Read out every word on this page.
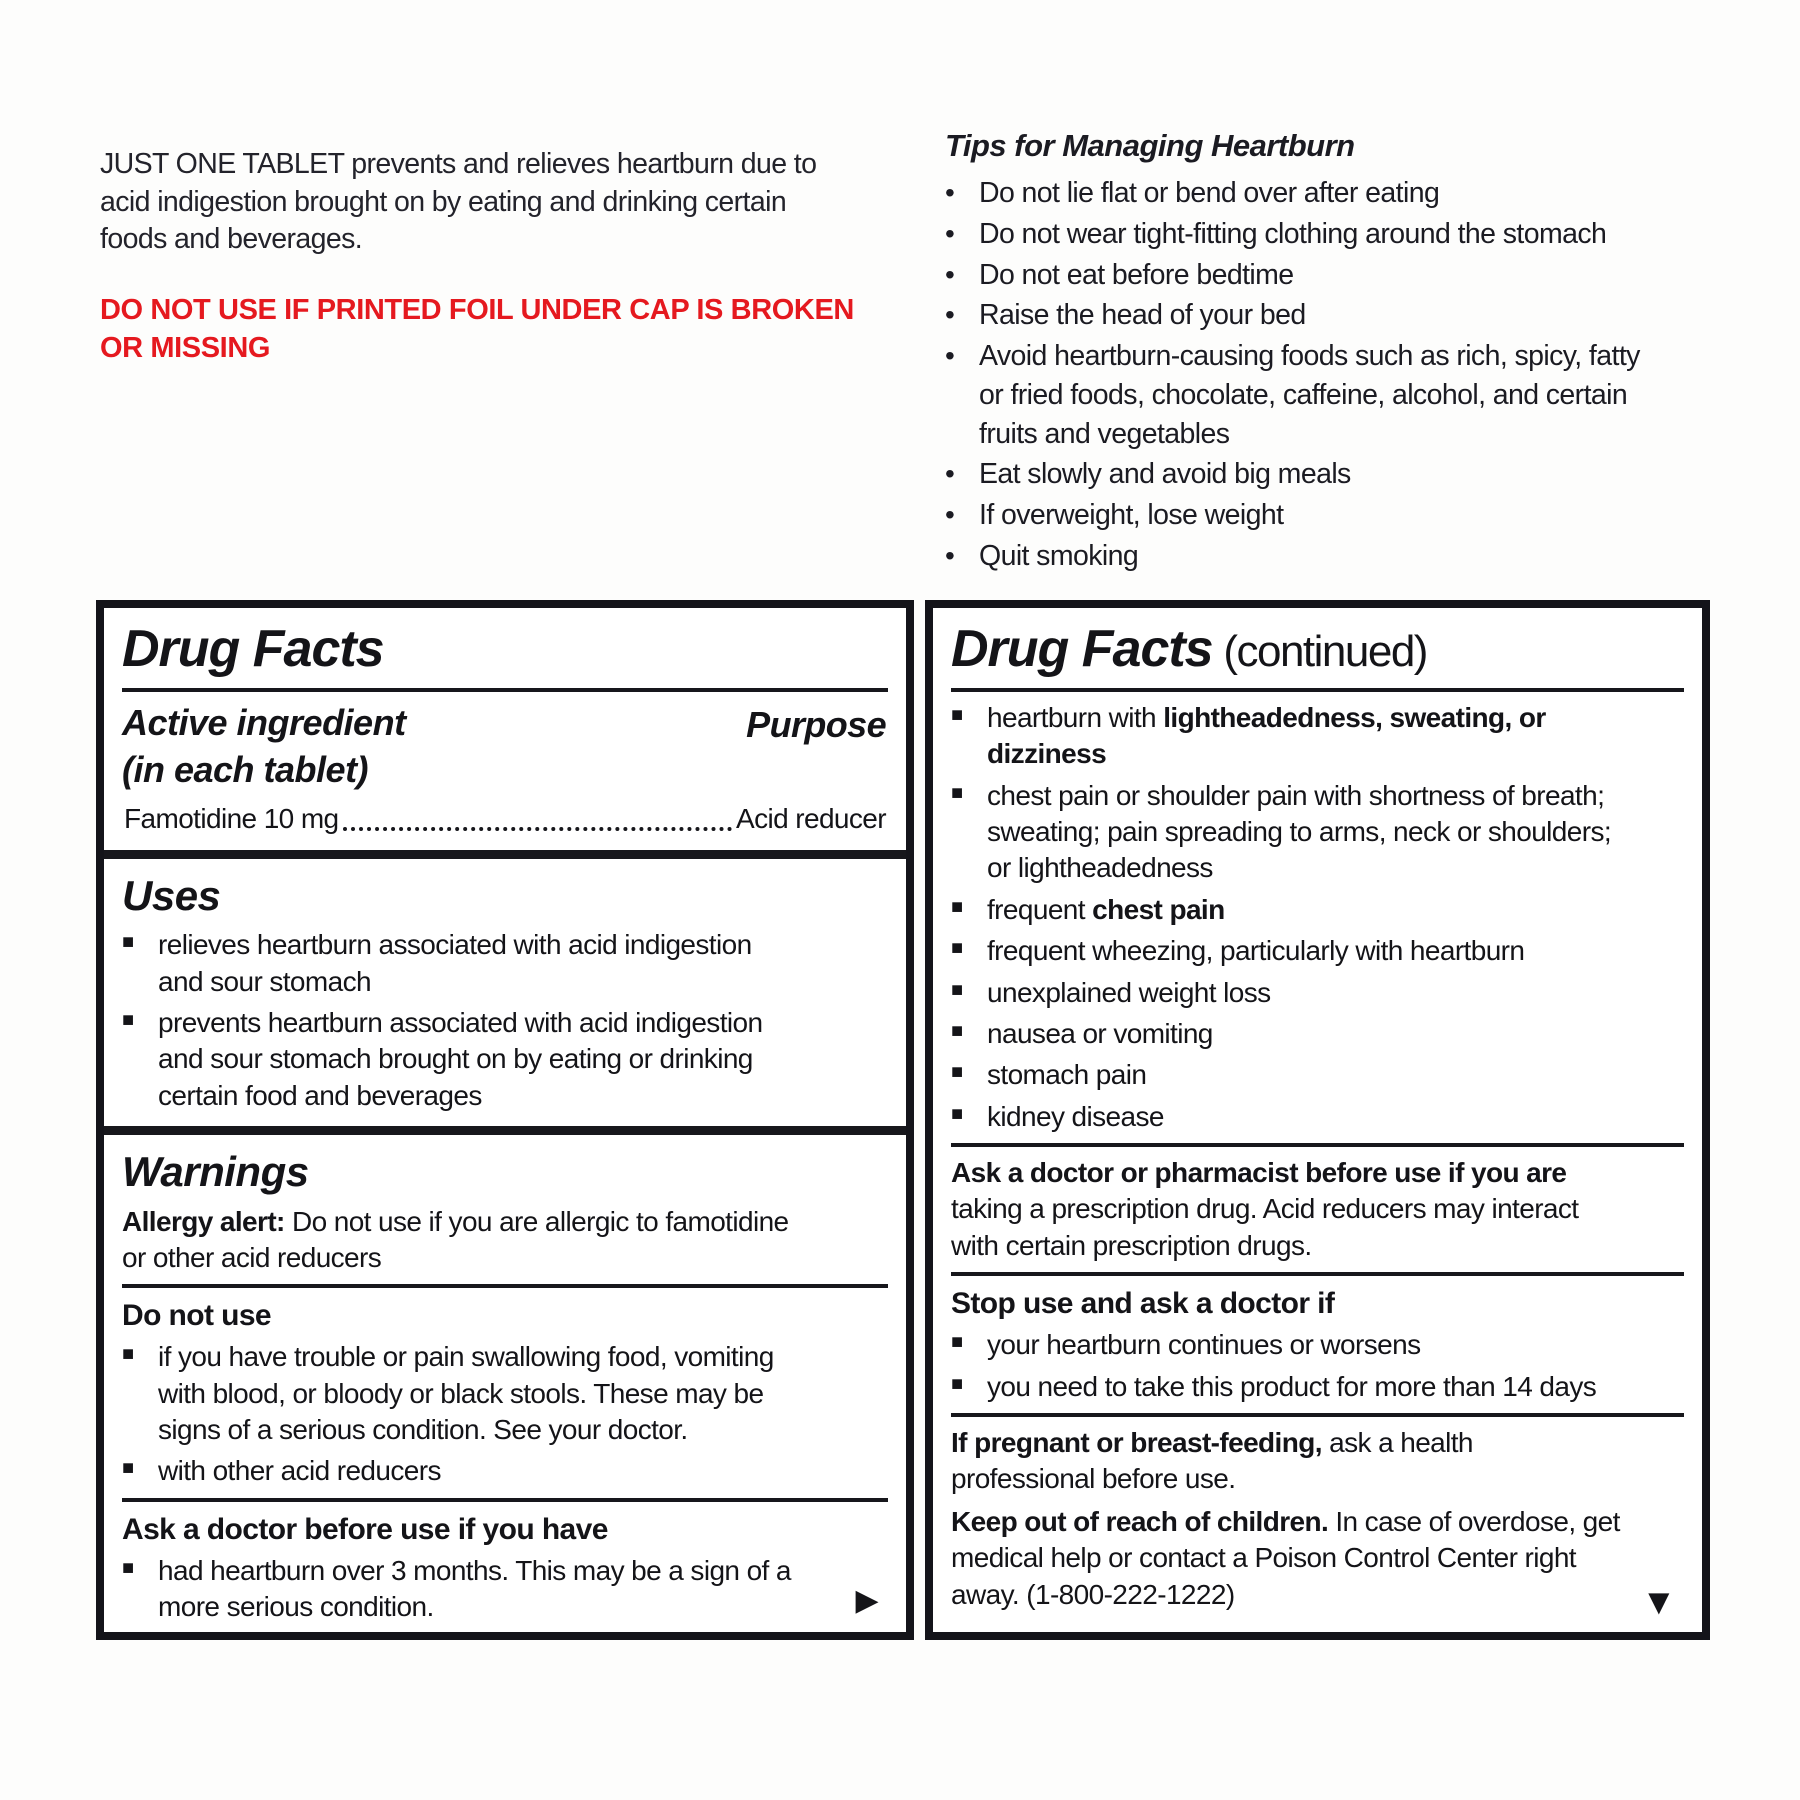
JUST ONE TABLET prevents and relieves heartburn due to
acid indigestion brought on by eating and drinking certain
foods and beverages.

DO NOT USE IF PRINTED FOIL UNDER CAP IS BROKEN
OR MISSING

Tips for Managing Heartburn
• Do not lie flat or bend over after eating
• Do not wear tight-fitting clothing around the stomach
• Do not eat before bedtime
• Raise the head of your bed
• Avoid heartburn-causing foods such as rich, spicy, fatty
or fried foods, chocolate, caffeine, alcohol, and certain
fruits and vegetables
• Eat slowly and avoid big meals
• If overweight, lose weight
• Quit smoking
Drug Facts
Active ingredient
(in each tablet)
Purpose
Famotidine 10 mg	Acid reducer
Uses
■ relieves heartburn associated with acid indigestion
and sour stomach
■ prevents heartburn associated with acid indigestion
and sour stomach brought on by eating or drinking
certain food and beverages
Warnings

Allergy alert: Do not use if you are allergic to famotidine
or other acid reducers

Do not use
■ if you have trouble or pain swallowing food, vomiting
with blood, or bloody or black stools. These may be
signs of a serious condition. See your doctor.
■ with other acid reducers
Ask a doctor before use if you have
■ had heartburn over 3 months. This may be a sign of a
more serious condition.	▶
Drug Facts (continued)
■ heartburn with lightheadedness, sweating, or
dizziness
■ chest pain or shoulder pain with shortness of breath;
sweating; pain spreading to arms, neck or shoulders;
or lightheadedness
■ frequent chest pain
■ frequent wheezing, particularly with heartburn
■ unexplained weight loss
■ nausea or vomiting
■ stomach pain
■ kidney disease

Ask a doctor or pharmacist before use if you are
taking a prescription drug. Acid reducers may interact
with certain prescription drugs.

Stop use and ask a doctor if
■ your heartburn continues or worsens
■ you need to take this product for more than 14 days

If pregnant or breast-feeding, ask a health
professional before use.

Keep out of reach of children. In case of overdose, get
medical help or contact a Poison Control Center right
away. (1-800-222-1222)	▼
